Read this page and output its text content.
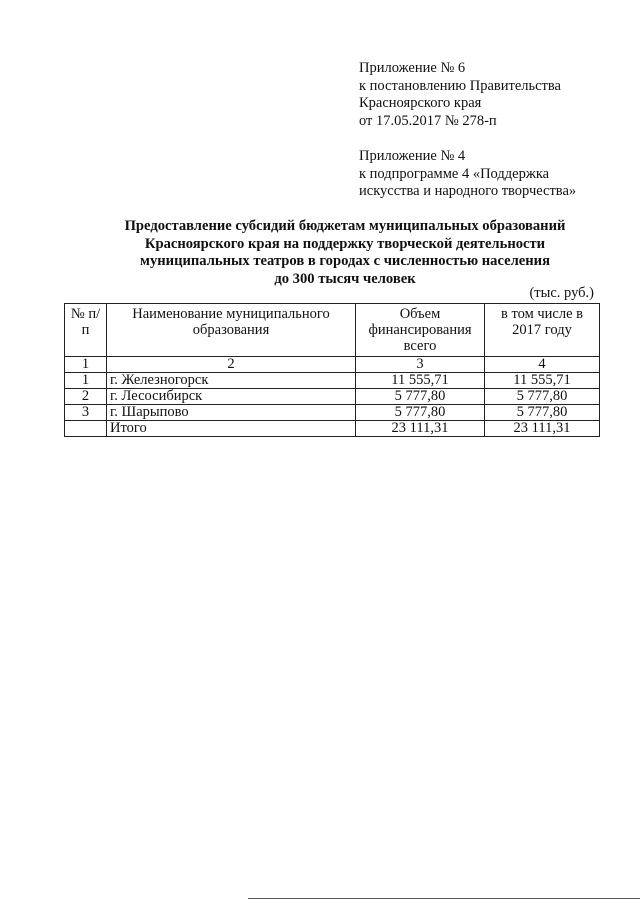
Приложение № 6
к постановлению Правительства
Красноярского края
от 17.05.2017 № 278-п
Приложение № 4
к подпрограмме 4 «Поддержка
искусства и народного творчества»
Предоставление субсидий бюджетам муниципальных образований
Красноярского края на поддержку творческой деятельности
муниципальных театров в городах с численностью населения
до 300 тысяч человек
(тыс. руб.)
№ п/п	Наименование муниципального образования	Объем финансирования всего	в том числе в 2017 году
1	2	3	4
1	г. Железногорск	11 555,71	11 555,71
2	г. Лесосибирск	5 777,80	5 777,80
3	г. Шарыпово	5 777,80	5 777,80
	Итого	23 111,31	23 111,31
